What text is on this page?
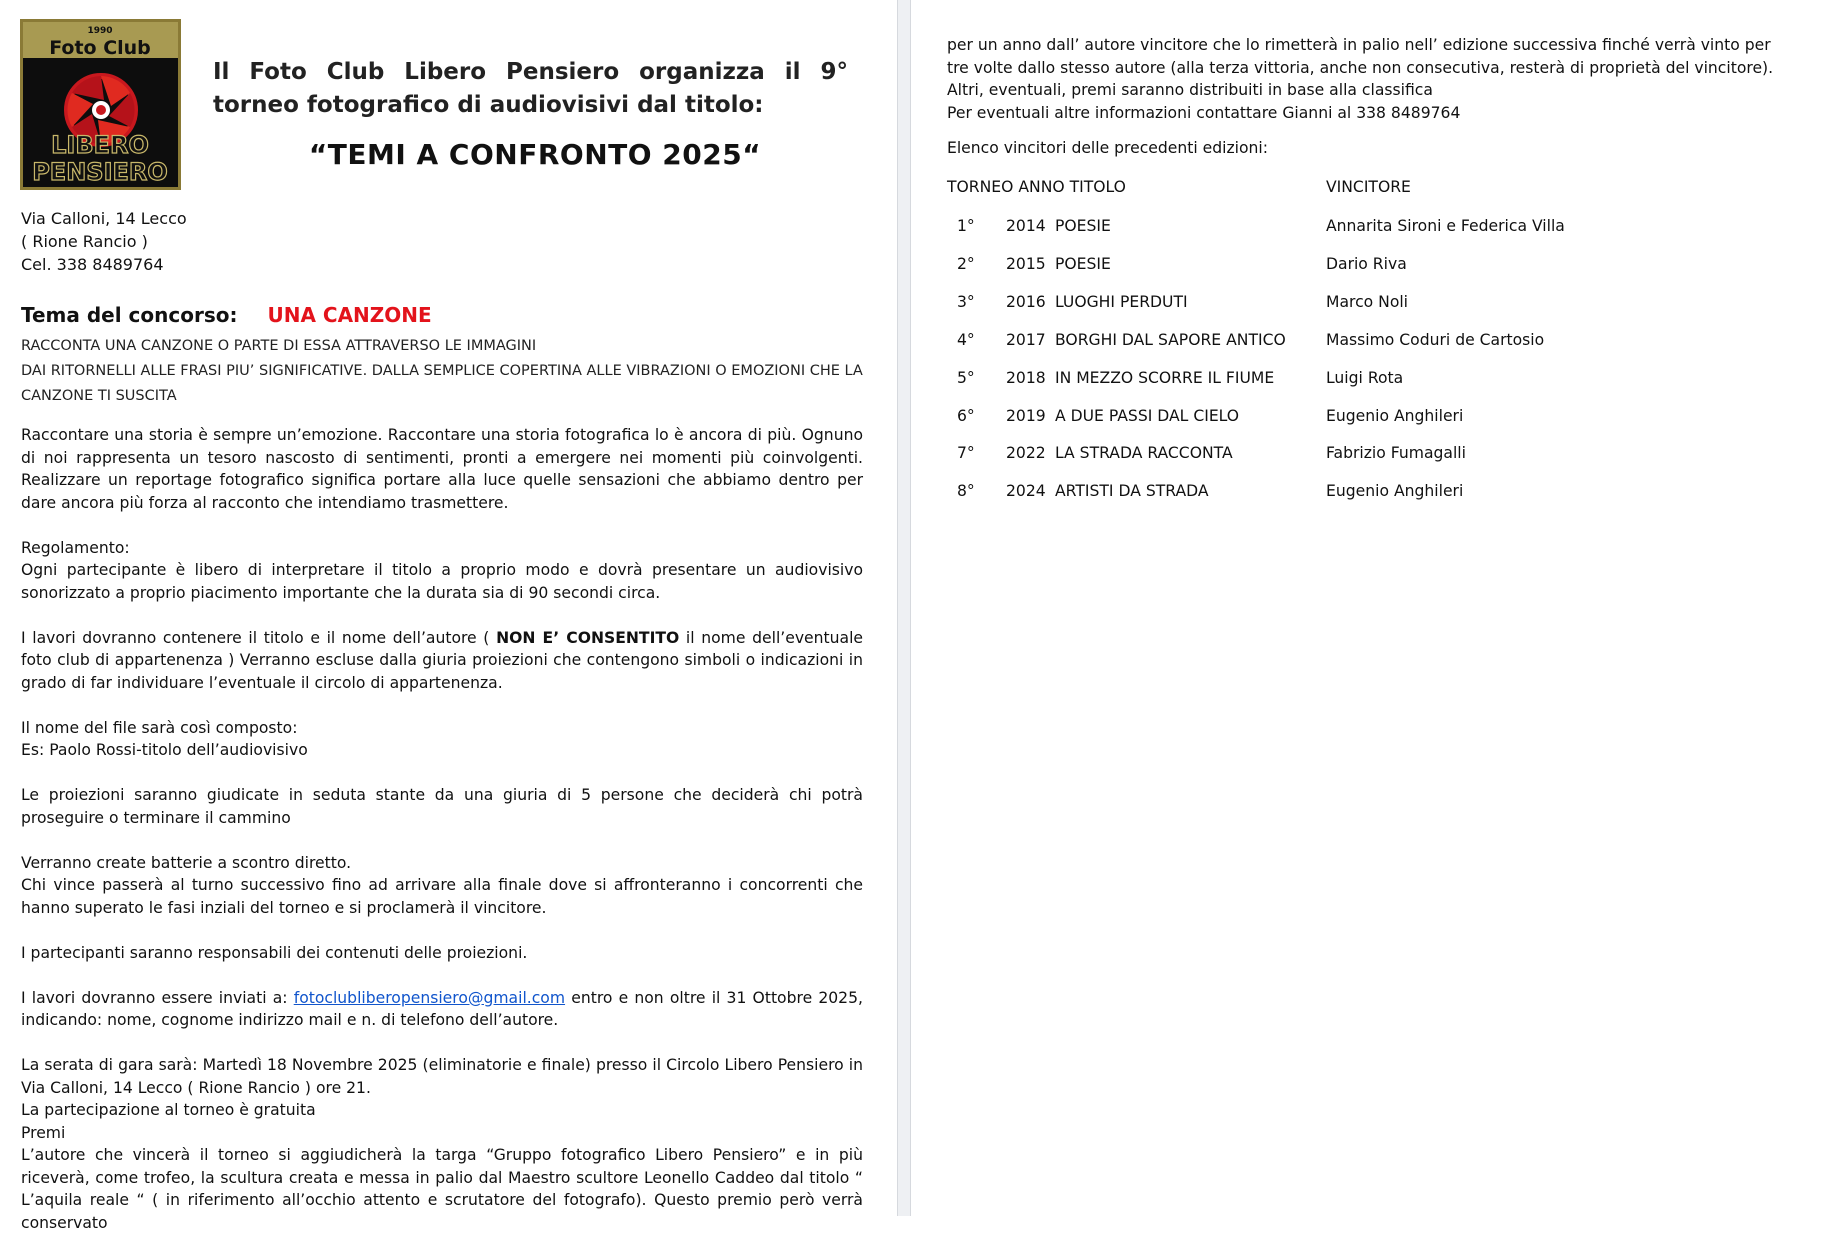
1990
Foto Club
LIBERO
PENSIERO
Il Foto Club Libero Pensiero organizza il 9° torneo fotografico di audiovisivi dal titolo:
“TEMI A CONFRONTO 2025“
Via Calloni, 14 Lecco
( Rione Rancio )
Cel. 338 8489764
Tema del concorso: UNA CANZONE
RACCONTA UNA CANZONE O PARTE DI ESSA ATTRAVERSO LE IMMAGINI
DAI RITORNELLI ALLE FRASI PIU’ SIGNIFICATIVE. DALLA SEMPLICE COPERTINA ALLE VIBRAZIONI O EMOZIONI CHE LA CANZONE TI SUSCITA

Raccontare una storia è sempre un’emozione. Raccontare una storia fotografica lo è ancora di più. Ognuno di noi rappresenta un tesoro nascosto di sentimenti, pronti a emergere nei momenti più coinvolgenti. Realizzare un reportage fotografico significa portare alla luce quelle sensazioni che abbiamo dentro per dare ancora più forza al racconto che intendiamo trasmettere.

Regolamento:

Ogni partecipante è libero di interpretare il titolo a proprio modo e dovrà presentare un audiovisivo sonorizzato a proprio piacimento importante che la durata sia di 90 secondi circa.

I lavori dovranno contenere il titolo e il nome dell’autore ( NON E’ CONSENTITO il nome dell’eventuale foto club di appartenenza ) Verranno escluse dalla giuria proiezioni che contengono simboli o indicazioni in grado di far individuare l’eventuale il circolo di appartenenza.

Il nome del file sarà così composto:

Es: Paolo Rossi-titolo dell’audiovisivo

Le proiezioni saranno giudicate in seduta stante da una giuria di 5 persone che deciderà chi potrà proseguire o terminare il cammino

Verranno create batterie a scontro diretto.

Chi vince passerà al turno successivo fino ad arrivare alla finale dove si affronteranno i concorrenti che hanno superato le fasi inziali del torneo e si proclamerà il vincitore.

I partecipanti saranno responsabili dei contenuti delle proiezioni.

I lavori dovranno essere inviati a: fotoclubliberopensiero@gmail.com entro e non oltre il 31 Ottobre 2025, indicando: nome, cognome indirizzo mail e n. di telefono dell’autore.

La serata di gara sarà: Martedì 18 Novembre 2025 (eliminatorie e finale) presso il Circolo Libero Pensiero in Via Calloni, 14 Lecco ( Rione Rancio ) ore 21.

La partecipazione al torneo è gratuita

Premi

L’autore che vincerà il torneo si aggiudicherà la targa “Gruppo fotografico Libero Pensiero” e in più riceverà, come trofeo, la scultura creata e messa in palio dal Maestro scultore Leonello Caddeo dal titolo “ L’aquila reale “ ( in riferimento all’occhio attento e scrutatore del fotografo). Questo premio però verrà conservato

per un anno dall’ autore vincitore che lo rimetterà in palio nell’ edizione successiva finché verrà vinto per tre volte dallo stesso autore (alla terza vittoria, anche non consecutiva, resterà di proprietà del vincitore).

Altri, eventuali, premi saranno distribuiti in base alla classifica

Per eventuali altre informazioni contattare Gianni al 338 8489764

Elenco vincitori delle precedenti edizioni:
TORNEO ANNO TITOLO	VINCITORE
1° 2014 POESIE	Annarita Sironi e Federica Villa
2° 2015 POESIE	Dario Riva
3° 2016 LUOGHI PERDUTI	Marco Noli
4° 2017 BORGHI DAL SAPORE ANTICO	Massimo Coduri de Cartosio
5° 2018 IN MEZZO SCORRE IL FIUME	Luigi Rota
6° 2019 A DUE PASSI DAL CIELO	Eugenio Anghileri
7° 2022 LA STRADA RACCONTA	Fabrizio Fumagalli
8° 2024 ARTISTI DA STRADA	Eugenio Anghileri
